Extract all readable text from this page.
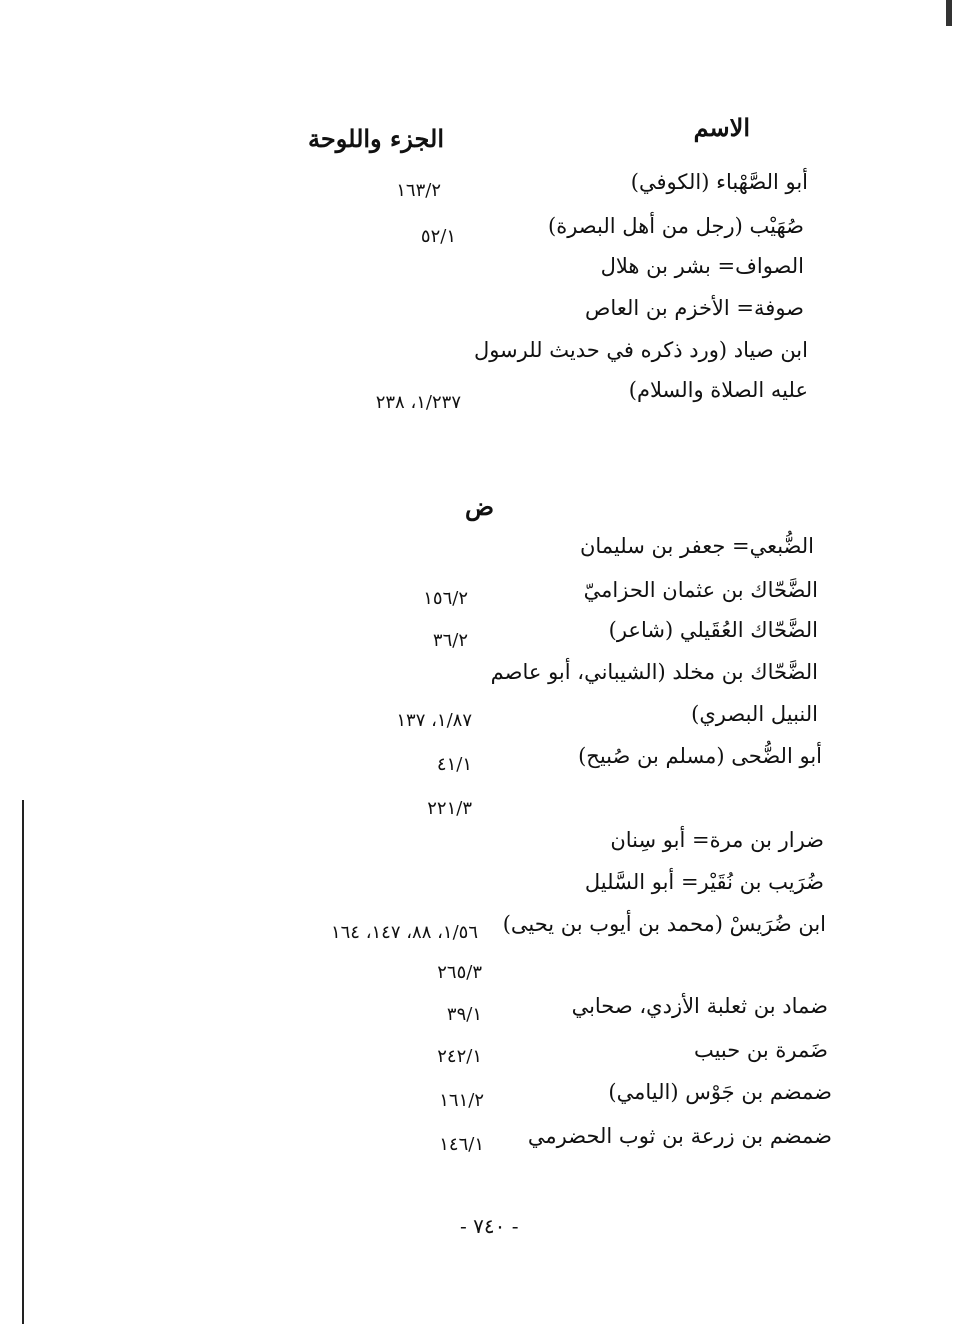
الاسم
الجزء واللوحة
أبو الصَّهْباء (الكوفي)
١٦٣/٢
صُهَيْب (رجل من أهل البصرة)
٥٢/١
الصواف= بشر بن هلال
صوفة= الأخزم بن العاص
ابن صياد (ورد ذكره في حديث للرسول
عليه الصلاة والسلام)
١/٢٣٧، ٢٣٨
ض
الضُّبعي= جعفر بن سليمان
الضَّحّاك بن عثمان الحزاميّ
١٥٦/٢
الضَّحّاك العُقَيلي (شاعر)
٣٦/٢
الضَّحّاك بن مخلد (الشيباني، أبو عاصم
النبيل البصري)
١/٨٧، ١٣٧
أبو الضُّحى (مسلم بن صُبيح)
٤١/١
٢٢١/٣
ضرار بن مرة= أبو سِنان
ضُرَيب بن نُقَيْر= أبو السَّليل
ابن ضُرَيسْ (محمد بن أيوب بن يحيى)
١/٥٦، ٨٨، ١٤٧، ١٦٤
٢٦٥/٣
ضماد بن ثعلبة الأزدي، صحابي
٣٩/١
ضَمرة بن حبيب
٢٤٢/١
ضمضم بن جَوْس (اليامي)
١٦١/٢
ضمضم بن زرعة بن ثوب الحضرمي
١٤٦/١
- ٧٤٠ -
